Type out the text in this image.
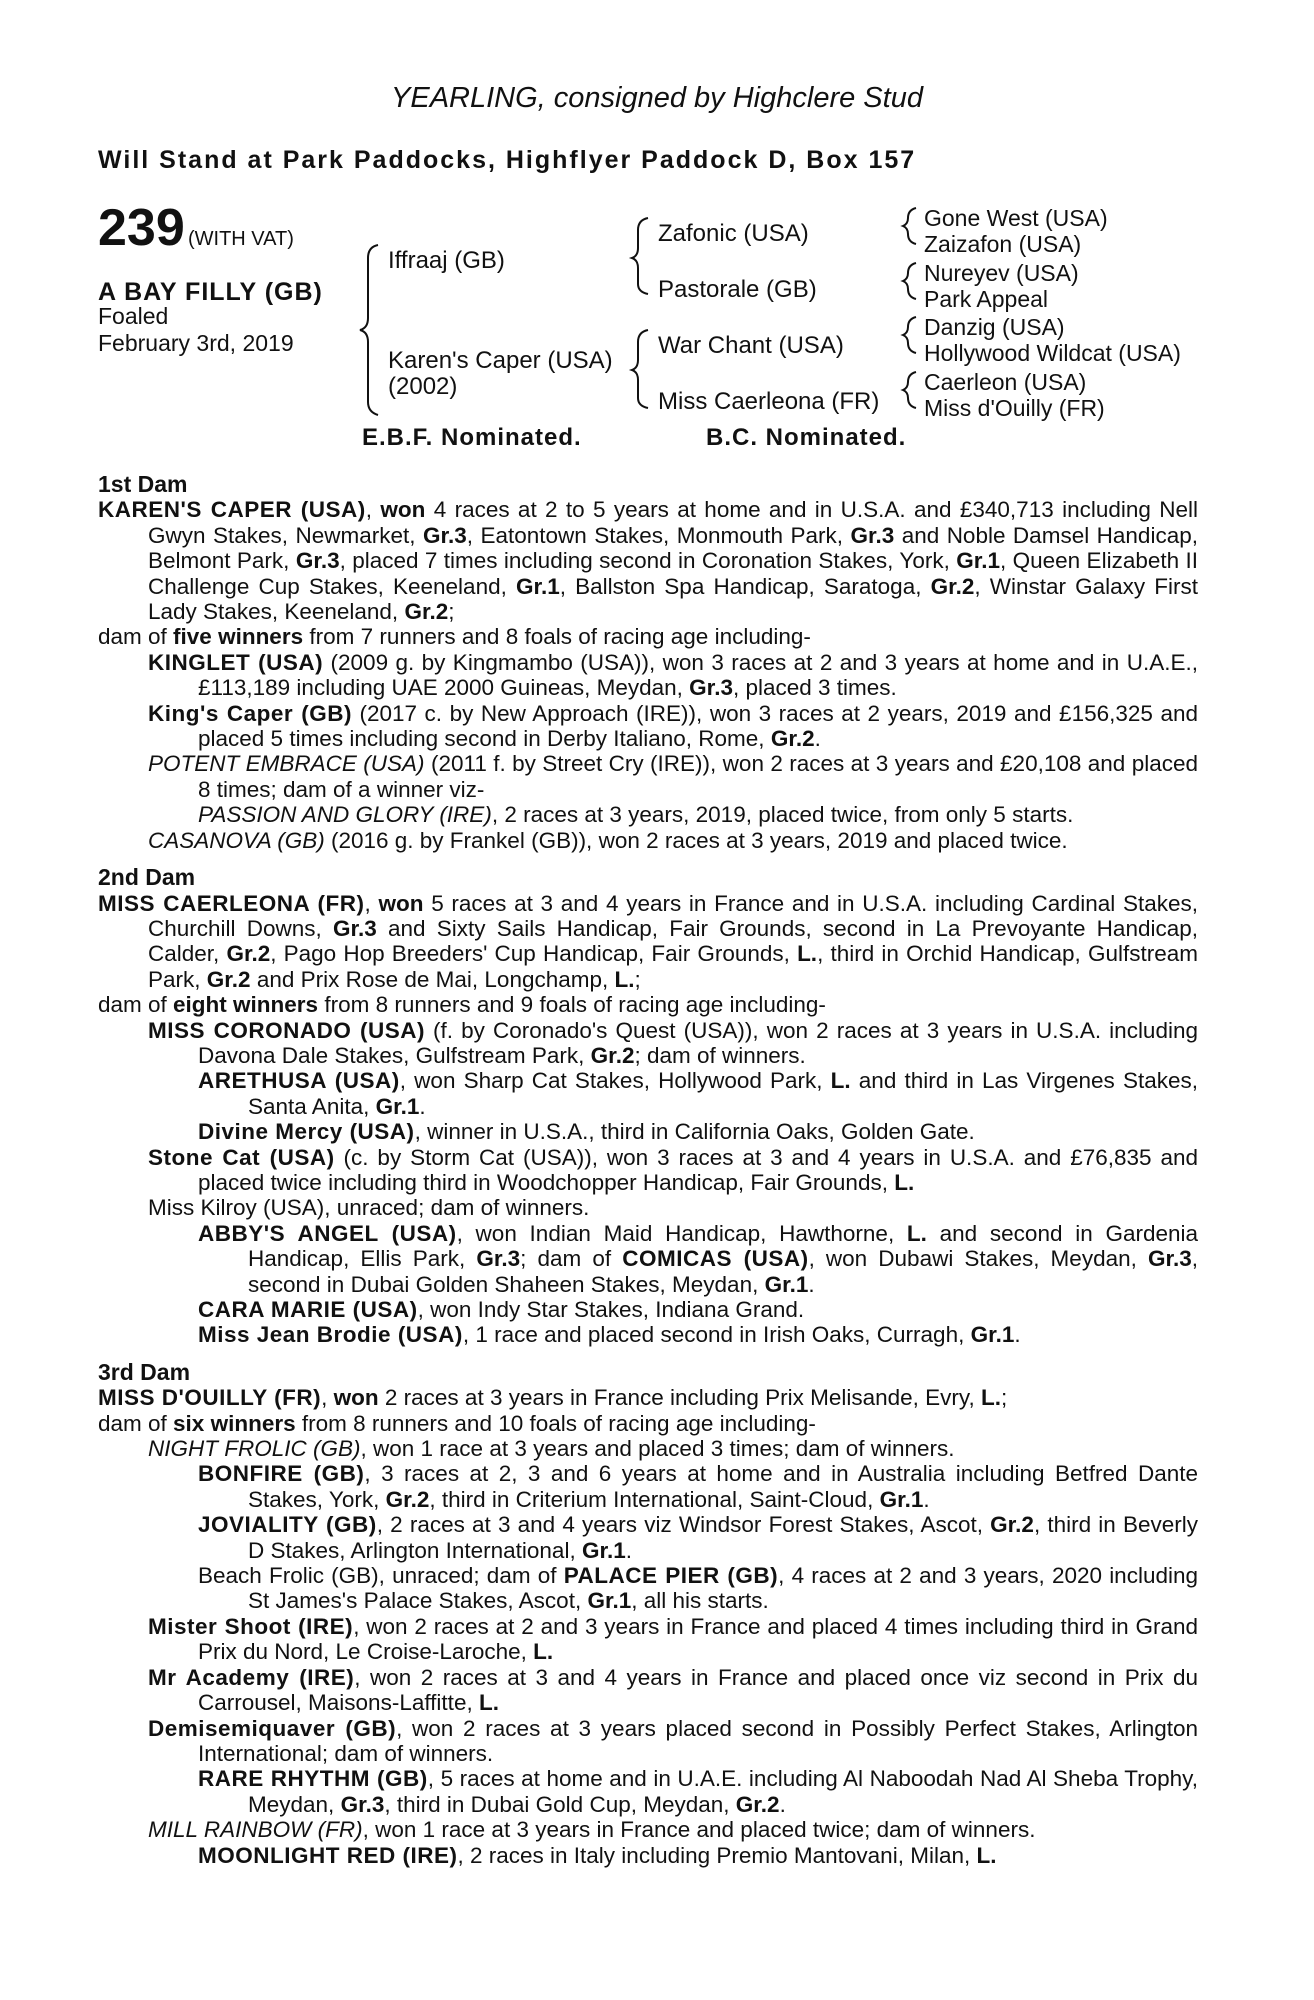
YEARLING, consigned by Highclere Stud
Will Stand at Park Paddocks, Highflyer Paddock D, Box 157
239 (WITH VAT)
A BAY FILLY (GB)
Foaled
February 3rd, 2019
Iffraaj (GB)
Karen's Caper (USA)
(2002)
Zafonic (USA)
Pastorale (GB)
War Chant (USA)
Miss Caerleona (FR)
Gone West (USA)
Zaizafon (USA)
Nureyev (USA)
Park Appeal
Danzig (USA)
Hollywood Wildcat (USA)
Caerleon (USA)
Miss d'Ouilly (FR)
E.B.F. Nominated.	B.C. Nominated.
1st Dam
KAREN'S CAPER (USA), won 4 races at 2 to 5 years at home and in U.S.A. and £340,713 including Nell Gwyn Stakes, Newmarket, Gr.3, Eatontown Stakes, Monmouth Park, Gr.3 and Noble Damsel Handicap, Belmont Park, Gr.3, placed 7 times including second in Coronation Stakes, York, Gr.1, Queen Elizabeth II Challenge Cup Stakes, Keeneland, Gr.1, Ballston Spa Handicap, Saratoga, Gr.2, Winstar Galaxy First Lady Stakes, Keeneland, Gr.2;
dam of five winners from 7 runners and 8 foals of racing age including-
KINGLET (USA) (2009 g. by Kingmambo (USA)), won 3 races at 2 and 3 years at home and in U.A.E., £113,189 including UAE 2000 Guineas, Meydan, Gr.3, placed 3 times.
King's Caper (GB) (2017 c. by New Approach (IRE)), won 3 races at 2 years, 2019 and £156,325 and placed 5 times including second in Derby Italiano, Rome, Gr.2.
POTENT EMBRACE (USA) (2011 f. by Street Cry (IRE)), won 2 races at 3 years and £20,108 and placed 8 times; dam of a winner viz-
PASSION AND GLORY (IRE), 2 races at 3 years, 2019, placed twice, from only 5 starts.
CASANOVA (GB) (2016 g. by Frankel (GB)), won 2 races at 3 years, 2019 and placed twice.
2nd Dam
MISS CAERLEONA (FR), won 5 races at 3 and 4 years in France and in U.S.A. including Cardinal Stakes, Churchill Downs, Gr.3 and Sixty Sails Handicap, Fair Grounds, second in La Prevoyante Handicap, Calder, Gr.2, Pago Hop Breeders' Cup Handicap, Fair Grounds, L., third in Orchid Handicap, Gulfstream Park, Gr.2 and Prix Rose de Mai, Longchamp, L.;
dam of eight winners from 8 runners and 9 foals of racing age including-
MISS CORONADO (USA) (f. by Coronado's Quest (USA)), won 2 races at 3 years in U.S.A. including Davona Dale Stakes, Gulfstream Park, Gr.2; dam of winners.
ARETHUSA (USA), won Sharp Cat Stakes, Hollywood Park, L. and third in Las Virgenes Stakes, Santa Anita, Gr.1.
Divine Mercy (USA), winner in U.S.A., third in California Oaks, Golden Gate.
Stone Cat (USA) (c. by Storm Cat (USA)), won 3 races at 3 and 4 years in U.S.A. and £76,835 and placed twice including third in Woodchopper Handicap, Fair Grounds, L.
Miss Kilroy (USA), unraced; dam of winners.
ABBY'S ANGEL (USA), won Indian Maid Handicap, Hawthorne, L. and second in Gardenia Handicap, Ellis Park, Gr.3; dam of COMICAS (USA), won Dubawi Stakes, Meydan, Gr.3, second in Dubai Golden Shaheen Stakes, Meydan, Gr.1.
CARA MARIE (USA), won Indy Star Stakes, Indiana Grand.
Miss Jean Brodie (USA), 1 race and placed second in Irish Oaks, Curragh, Gr.1.
3rd Dam
MISS D'OUILLY (FR), won 2 races at 3 years in France including Prix Melisande, Evry, L.;
dam of six winners from 8 runners and 10 foals of racing age including-
NIGHT FROLIC (GB), won 1 race at 3 years and placed 3 times; dam of winners.
BONFIRE (GB), 3 races at 2, 3 and 6 years at home and in Australia including Betfred Dante Stakes, York, Gr.2, third in Criterium International, Saint-Cloud, Gr.1.
JOVIALITY (GB), 2 races at 3 and 4 years viz Windsor Forest Stakes, Ascot, Gr.2, third in Beverly D Stakes, Arlington International, Gr.1.
Beach Frolic (GB), unraced; dam of PALACE PIER (GB), 4 races at 2 and 3 years, 2020 including St James's Palace Stakes, Ascot, Gr.1, all his starts.
Mister Shoot (IRE), won 2 races at 2 and 3 years in France and placed 4 times including third in Grand Prix du Nord, Le Croise-Laroche, L.
Mr Academy (IRE), won 2 races at 3 and 4 years in France and placed once viz second in Prix du Carrousel, Maisons-Laffitte, L.
Demisemiquaver (GB), won 2 races at 3 years placed second in Possibly Perfect Stakes, Arlington International; dam of winners.
RARE RHYTHM (GB), 5 races at home and in U.A.E. including Al Naboodah Nad Al Sheba Trophy, Meydan, Gr.3, third in Dubai Gold Cup, Meydan, Gr.2.
MILL RAINBOW (FR), won 1 race at 3 years in France and placed twice; dam of winners.
MOONLIGHT RED (IRE), 2 races in Italy including Premio Mantovani, Milan, L.
